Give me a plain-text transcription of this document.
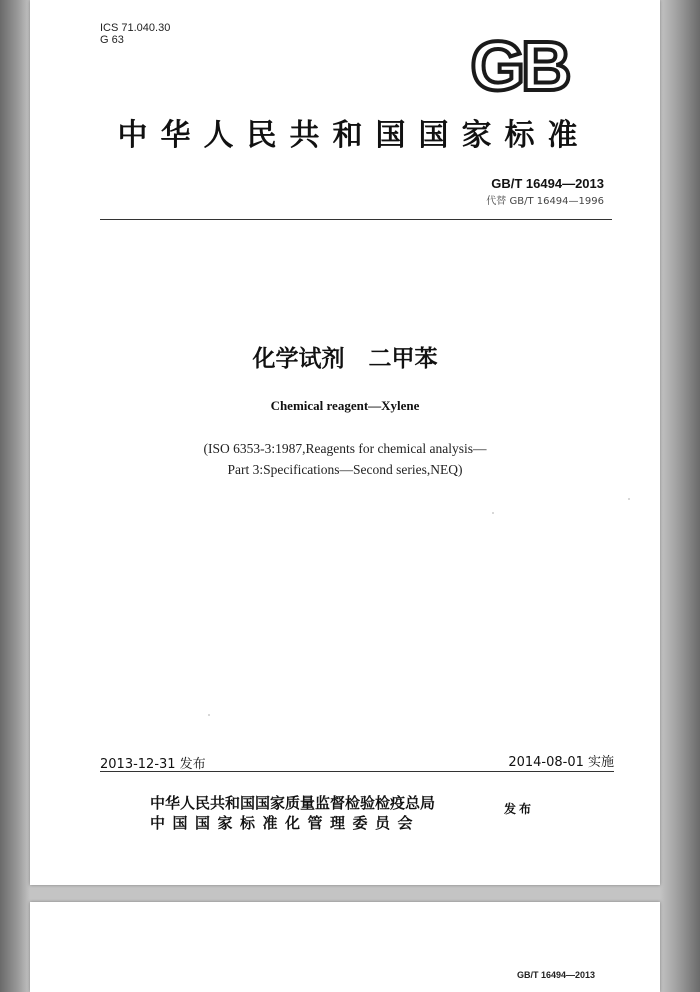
ICS 71.040.30
G 63	GB
中华人民共和国国家标准
GB/T 16494—2013
代替 GB/T 16494—1996
化学试剂   二甲苯
Chemical reagent—Xylene
(ISO 6353-3:1987,Reagents for chemical analysis—
Part 3:Specifications—Second series,NEQ)
2013-12-31 发布	2014-08-01 实施
中华人民共和国国家质量监督检验检疫总局
中国国家标准化管理委员会
发布
GB/T 16494—2013
